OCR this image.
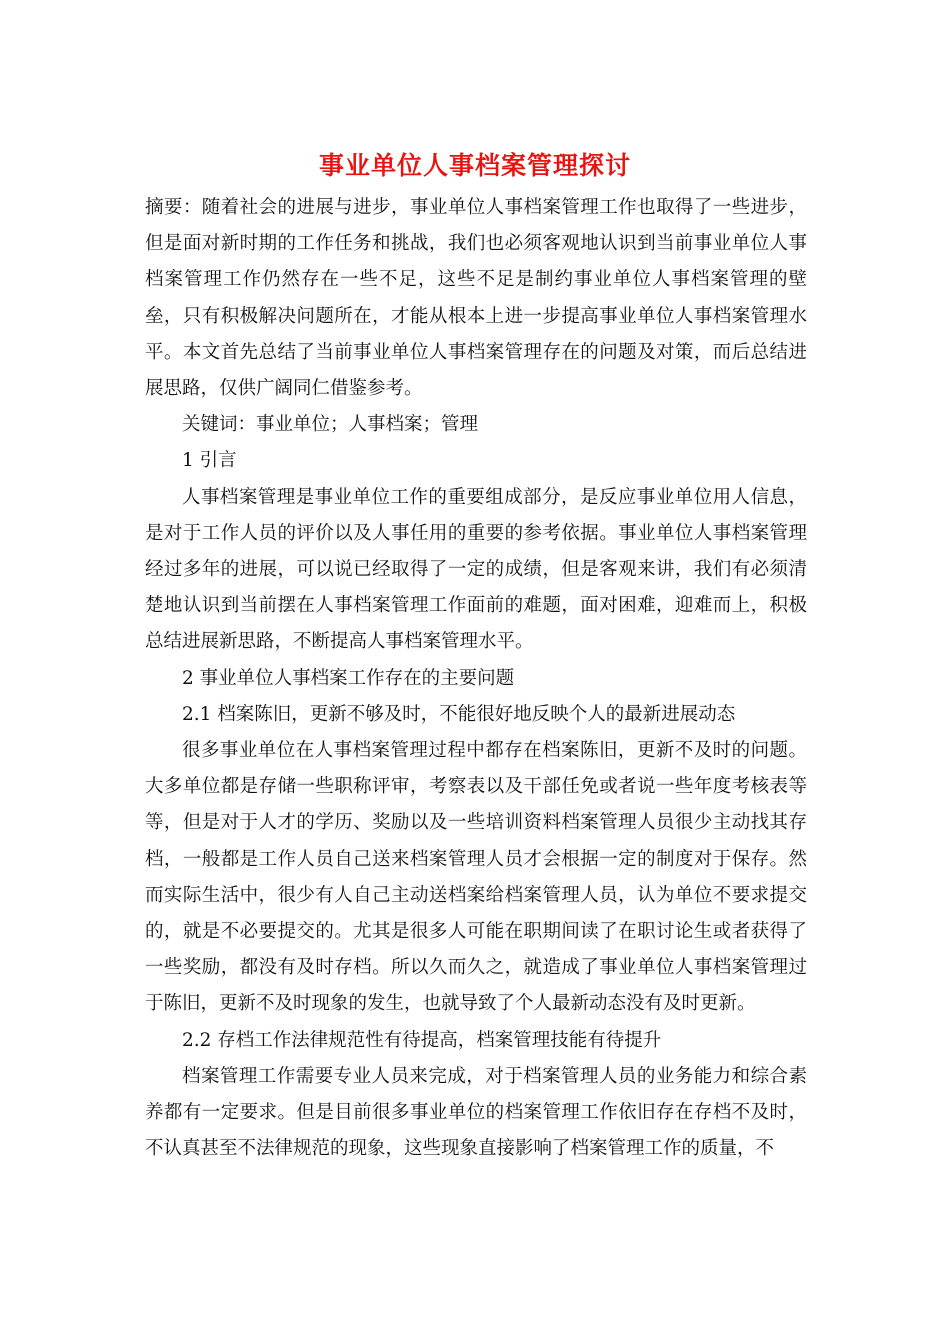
事业单位人事档案管理探讨

摘要：随着社会的进展与进步，事业单位人事档案管理工作也取得了一些进步，但是面对新时期的工作任务和挑战，我们也必须客观地认识到当前事业单位人事档案管理工作仍然存在一些不足，这些不足是制约事业单位人事档案管理的壁垒，只有积极解决问题所在，才能从根本上进一步提高事业单位人事档案管理水平。本文首先总结了当前事业单位人事档案管理存在的问题及对策，而后总结进展思路，仅供广阔同仁借鉴参考。

关键词：事业单位；人事档案；管理

1 引言

人事档案管理是事业单位工作的重要组成部分，是反应事业单位用人信息，是对于工作人员的评价以及人事任用的重要的参考依据。事业单位人事档案管理经过多年的进展，可以说已经取得了一定的成绩，但是客观来讲，我们有必须清楚地认识到当前摆在人事档案管理工作面前的难题，面对困难，迎难而上，积极总结进展新思路，不断提高人事档案管理水平。

2 事业单位人事档案工作存在的主要问题

2.1 档案陈旧，更新不够及时，不能很好地反映个人的最新进展动态

很多事业单位在人事档案管理过程中都存在档案陈旧，更新不及时的问题。大多单位都是存储一些职称评审，考察表以及干部任免或者说一些年度考核表等等，但是对于人才的学历、奖励以及一些培训资料档案管理人员很少主动找其存档，一般都是工作人员自己送来档案管理人员才会根据一定的制度对于保存。然而实际生活中，很少有人自己主动送档案给档案管理人员，认为单位不要求提交的，就是不必要提交的。尤其是很多人可能在职期间读了在职讨论生或者获得了一些奖励，都没有及时存档。所以久而久之，就造成了事业单位人事档案管理过于陈旧，更新不及时现象的发生，也就导致了个人最新动态没有及时更新。

2.2 存档工作法律规范性有待提高，档案管理技能有待提升

档案管理工作需要专业人员来完成，对于档案管理人员的业务能力和综合素养都有一定要求。但是目前很多事业单位的档案管理工作依旧存在存档不及时，不认真甚至不法律规范的现象，这些现象直接影响了档案管理工作的质量，不
